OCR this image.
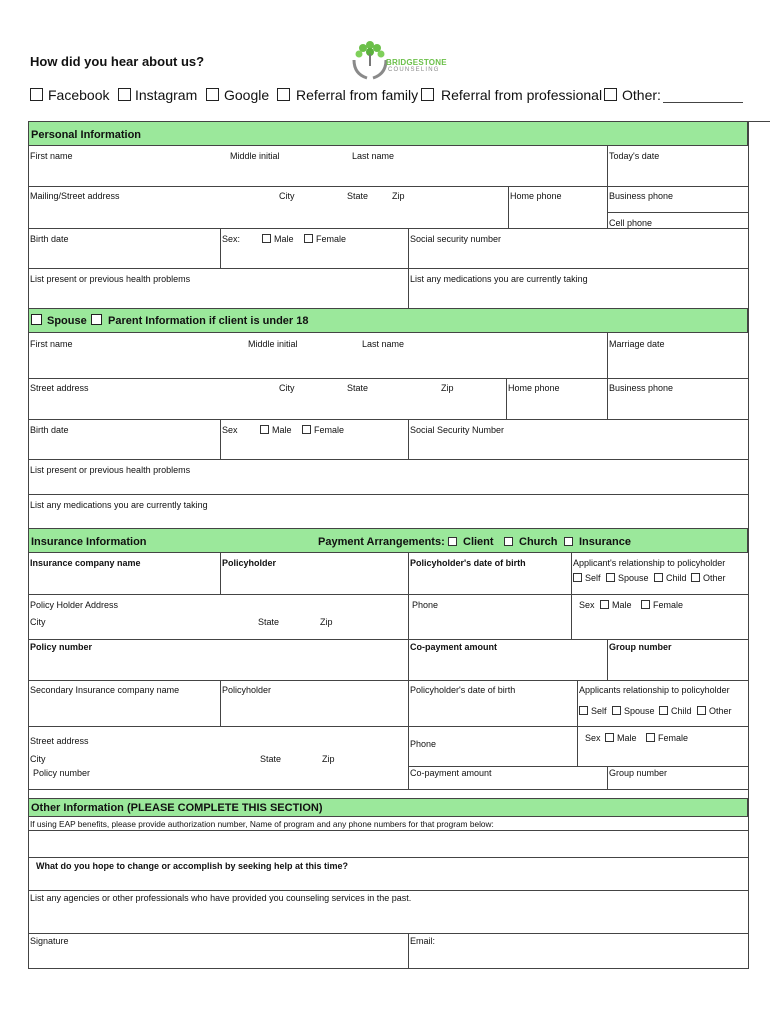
How did you hear about us?	BRIDGESTONE
COUNSELING
Facebook Instagram Google Referral from family Referral from professional Other:
Personal Information
First name	Middle initial	Last name	Today's date
Mailing/Street address	City	State	Zip	Home phone	Business phone
Cell phone
Birth date	Sex:	Male	Female	Social security number
List present or previous health problems	List any medications you are currently taking
Spouse Parent Information if client is under 18
First name	Middle initial	Last name	Marriage date
Street address	City	State	Zip	Home phone	Business phone
Birth date	Sex	Male	Female	Social Security Number
List present or previous health problems
List any medications you are currently taking
Insurance Information	Payment Arrangements:	Client	Church	Insurance
Insurance company name	Policyholder	Policyholder's date of birth	Applicant's relationship to policyholder
Self	Spouse	Child	Other
Policy Holder Address	Phone	Sex	Male	Female
City	State	Zip
Policy number	Co-payment amount	Group number
Secondary Insurance company name	Policyholder	Policyholder's date of birth	Applicants relationship to policyholder
Self	Spouse	Child	Other
Street address	Phone
Sex	Male	Female
City	State	Zip
Policy number	Co-payment amount	Group number
Other Information (PLEASE COMPLETE THIS SECTION)
If using EAP benefits, please provide authorization number, Name of program and any phone numbers for that program below:
What do you hope to change or accomplish by seeking help at this time?
List any agencies or other professionals who have provided you counseling services in the past.
Signature	Email:
